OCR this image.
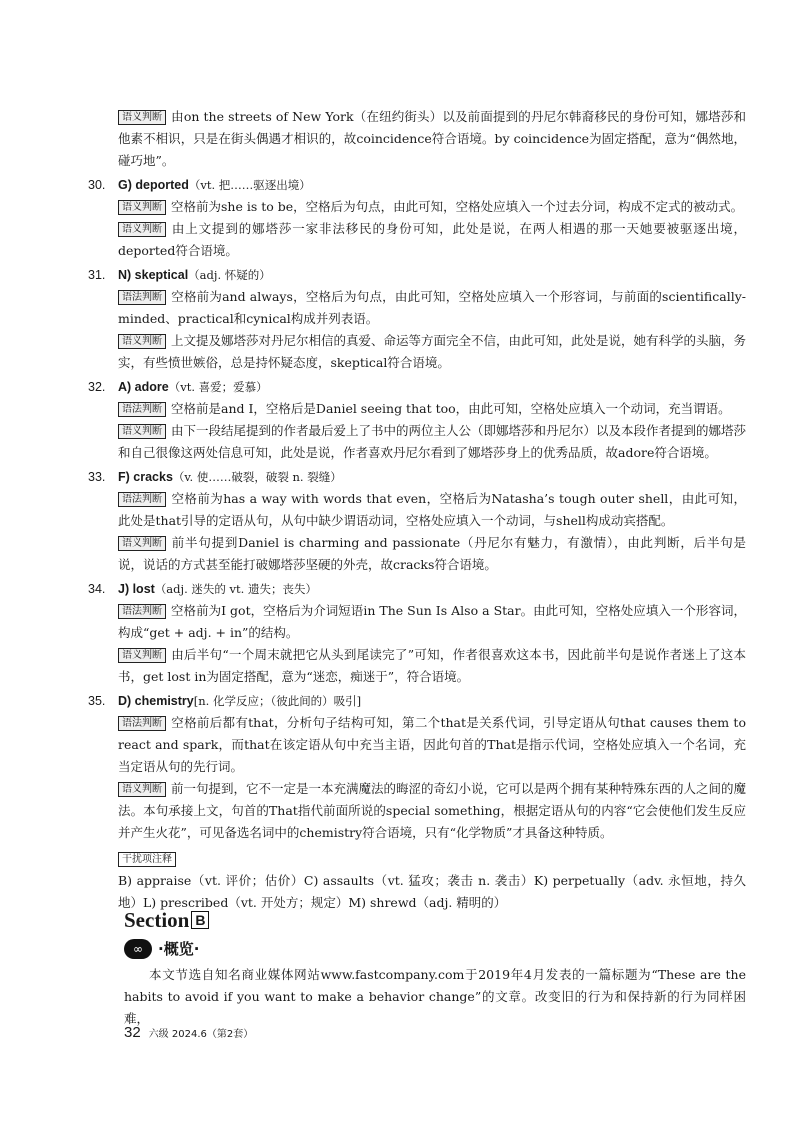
语义判断 由on the streets of New York（在纽约街头）以及前面提到的丹尼尔韩裔移民的身份可知，娜塔莎和他素不相识，只是在街头偶遇才相识的，故coincidence符合语境。by coincidence为固定搭配，意为“偶然地，碰巧地”。

30. G) deported（vt. 把……驱逐出境）

语义判断 空格前为she is to be，空格后为句点，由此可知，空格处应填入一个过去分词，构成不定式的被动式。

语义判断 由上文提到的娜塔莎一家非法移民的身份可知，此处是说，在两人相遇的那一天她要被驱逐出境，deported符合语境。

31. N) skeptical（adj. 怀疑的）

语法判断 空格前为and always，空格后为句点，由此可知，空格处应填入一个形容词，与前面的scientifically-minded、practical和cynical构成并列表语。

语义判断 上文提及娜塔莎对丹尼尔相信的真爱、命运等方面完全不信，由此可知，此处是说，她有科学的头脑，务实，有些愤世嫉俗，总是持怀疑态度，skeptical符合语境。

32. A) adore（vt. 喜爱；爱慕）

语法判断 空格前是and I，空格后是Daniel seeing that too，由此可知，空格处应填入一个动词，充当谓语。

语义判断 由下一段结尾提到的作者最后爱上了书中的两位主人公（即娜塔莎和丹尼尔）以及本段作者提到的娜塔莎和自己很像这两处信息可知，此处是说，作者喜欢丹尼尔看到了娜塔莎身上的优秀品质，故adore符合语境。

33. F) cracks（v. 使……破裂，破裂 n. 裂缝）

语法判断 空格前为has a way with words that even，空格后为Natasha’s tough outer shell，由此可知，此处是that引导的定语从句，从句中缺少谓语动词，空格处应填入一个动词，与shell构成动宾搭配。

语义判断 前半句提到Daniel is charming and passionate（丹尼尔有魅力，有激情），由此判断，后半句是说，说话的方式甚至能打破娜塔莎坚硬的外壳，故cracks符合语境。

34. J) lost（adj. 迷失的 vt. 遗失；丧失）

语法判断 空格前为I got，空格后为介词短语in The Sun Is Also a Star。由此可知，空格处应填入一个形容词，构成“get + adj. + in”的结构。

语义判断 由后半句“一个周末就把它从头到尾读完了”可知，作者很喜欢这本书，因此前半句是说作者迷上了这本书，get lost in为固定搭配，意为“迷恋，痴迷于”，符合语境。

35. D) chemistry[n. 化学反应；（彼此间的）吸引]

语法判断 空格前后都有that，分析句子结构可知，第二个that是关系代词，引导定语从句that causes them to react and spark，而that在该定语从句中充当主语，因此句首的That是指示代词，空格处应填入一个名词，充当定语从句的先行词。

语义判断 前一句提到，它不一定是一本充满魔法的晦涩的奇幻小说，它可以是两个拥有某种特殊东西的人之间的魔法。本句承接上文，句首的That指代前面所说的special something，根据定语从句的内容“它会使他们发生反应并产生火花”，可见备选名词中的chemistry符合语境，只有“化学物质”才具备这种特质。

干扰项注释
B) appraise（vt. 评价；估价）C) assaults（vt. 猛攻；袭击 n. 袭击）K) perpetually（adv. 永恒地，持久地）L) prescribed（vt. 开处方；规定）M) shrewd（adj. 精明的）

Section B
∞	·概览·

本文节选自知名商业媒体网站www.fastcompany.com于2019年4月发表的一篇标题为“These are the habits to avoid if you want to make a behavior change”的文章。改变旧的行为和保持新的行为同样困难，

32 六级 2024.6（第2套）
